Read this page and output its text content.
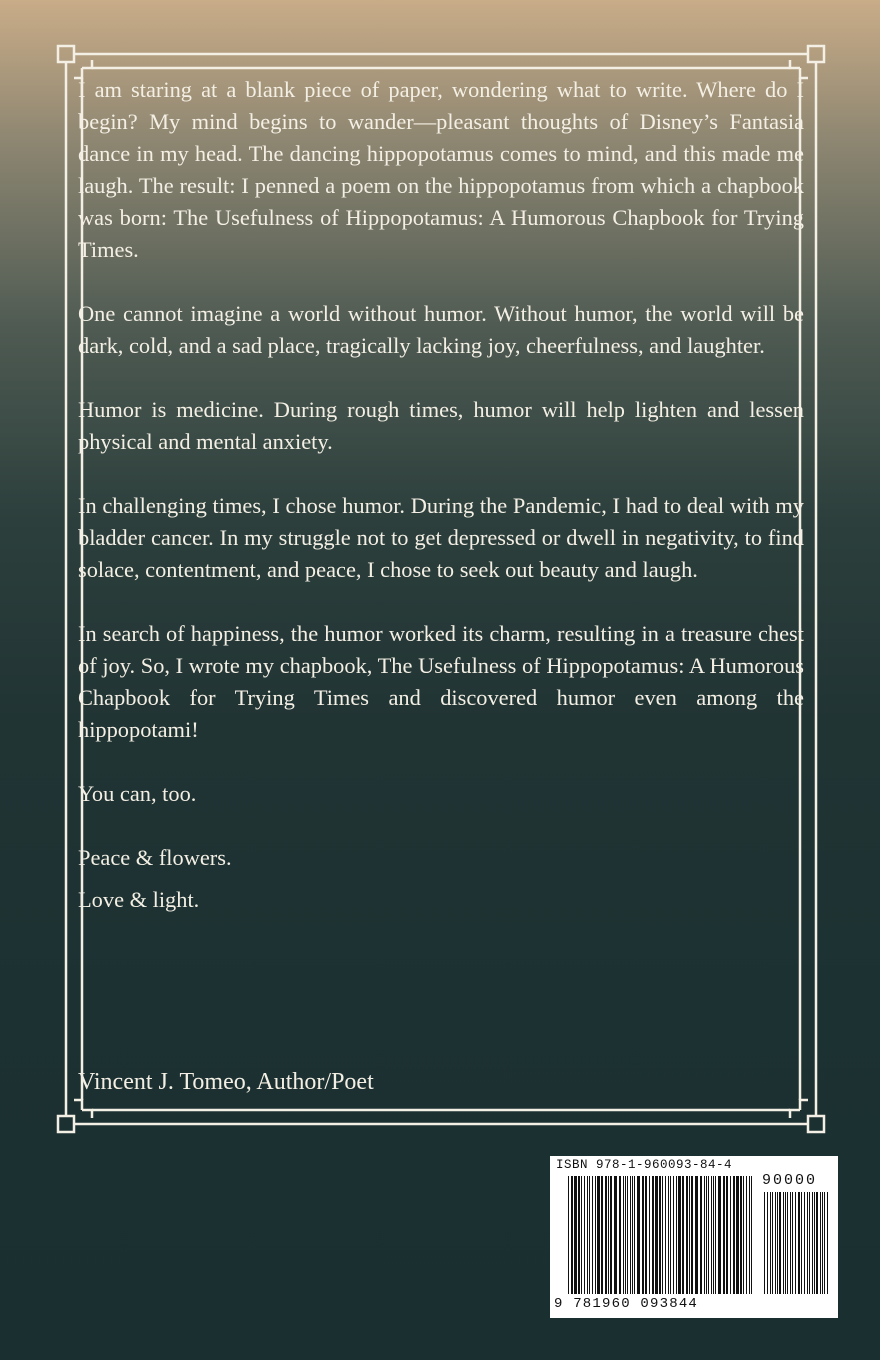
I am staring at a blank piece of paper, wondering what to write. Where do I begin? My mind begins to wander—pleasant thoughts of Disney’s Fantasia dance in my head. The dancing hippopotamus comes to mind, and this made me laugh. The result: I penned a poem on the hippopotamus from which a chapbook was born: The Usefulness of Hippopotamus: A Humorous Chapbook for Trying Times.

One cannot imagine a world without humor. Without humor, the world will be dark, cold, and a sad place, tragically lacking joy, cheerfulness, and laughter.

Humor is medicine. During rough times, humor will help lighten and lessen physical and mental anxiety.

In challenging times, I chose humor. During the Pandemic, I had to deal with my bladder cancer. In my struggle not to get depressed or dwell in negativity, to find solace, contentment, and peace, I chose to seek out beauty and laugh.

In search of happiness, the humor worked its charm, resulting in a treasure chest of joy. So, I wrote my chapbook, The Usefulness of Hippopotamus: A Humorous Chapbook for Trying Times and discovered humor even among the hippopotami!

You can, too.

Peace & flowers.

Love & light.

Vincent J. Tomeo, Author/Poet
ISBN 978-1-960093-84-4
90000
9 781960 093844
